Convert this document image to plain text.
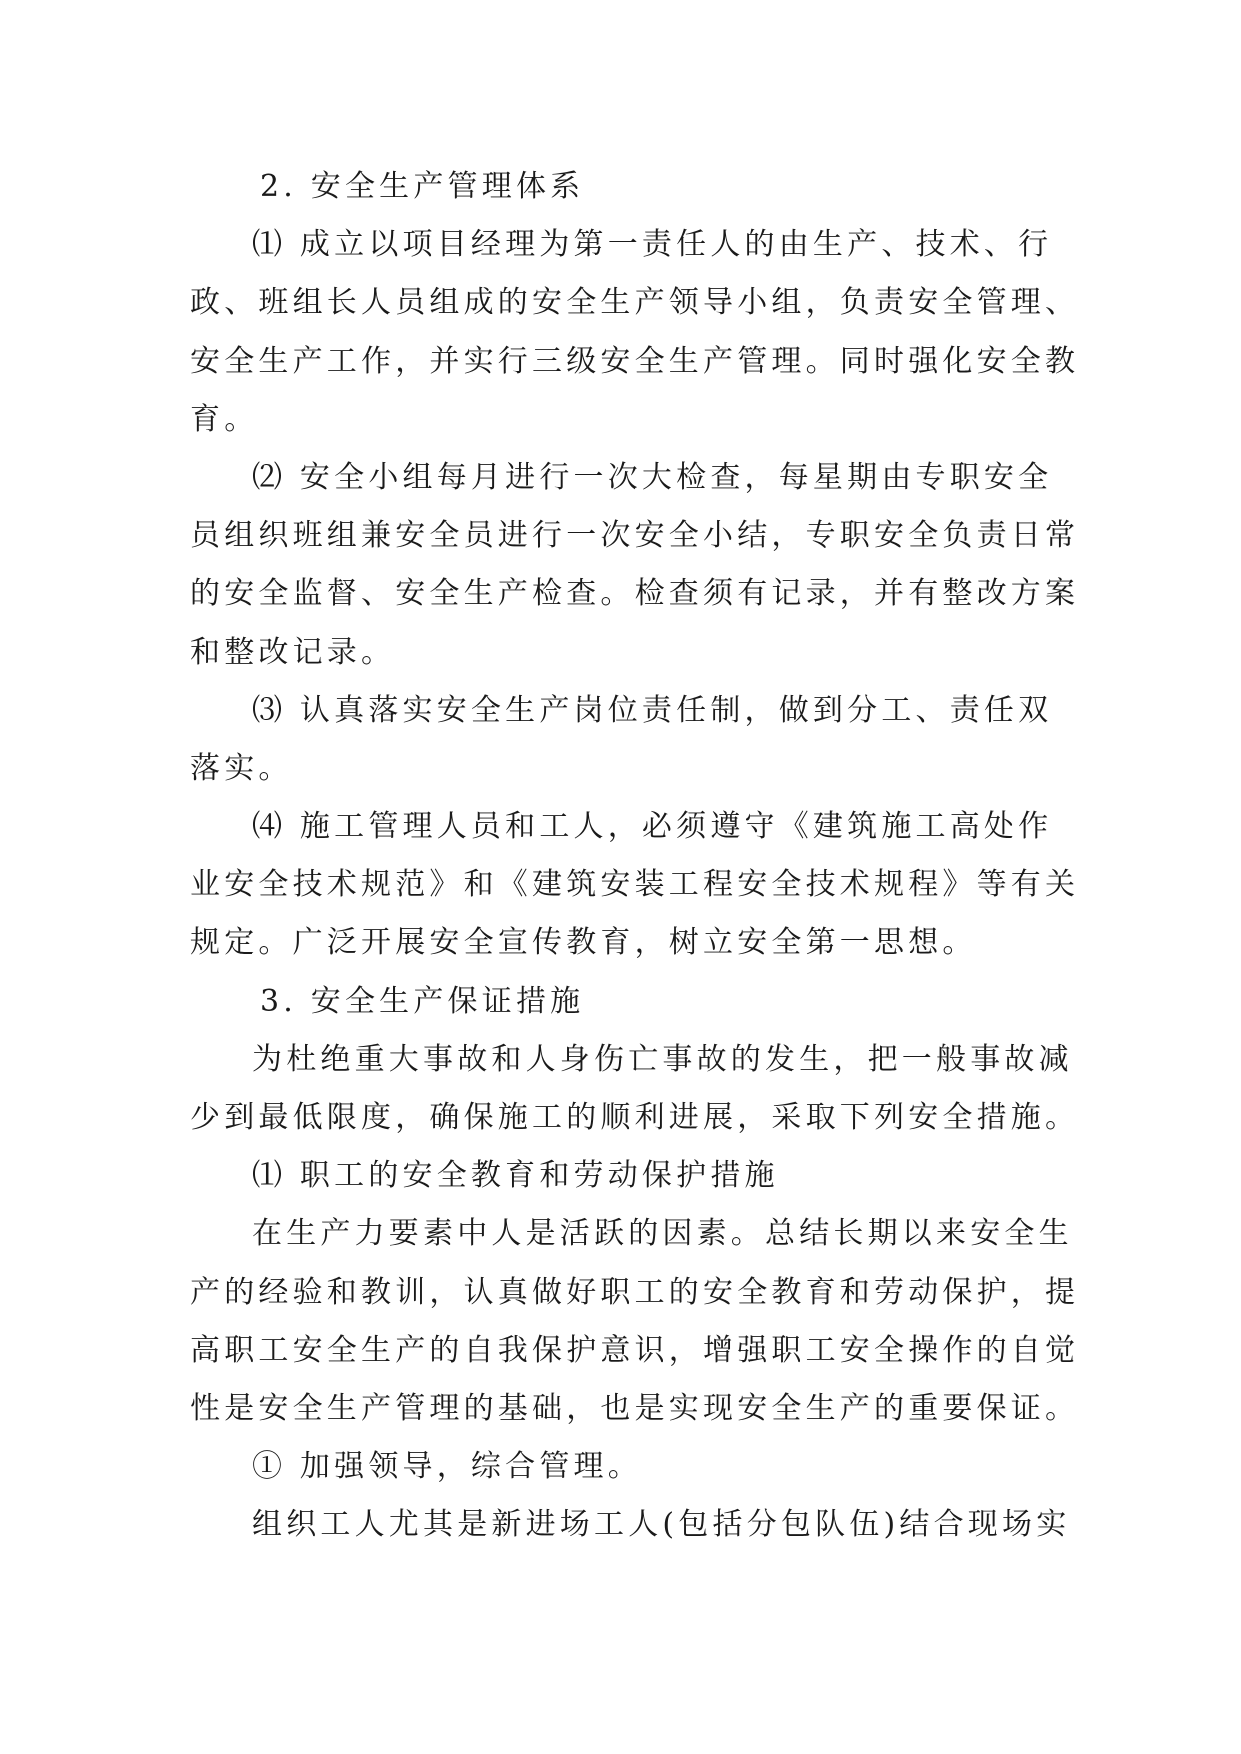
2. 安全生产管理体系
⑴ 成立以项目经理为第一责任人的由生产、技术、行
政、班组长人员组成的安全生产领导小组，负责安全管理、
安全生产工作，并实行三级安全生产管理。同时强化安全教
育。
⑵ 安全小组每月进行一次大检查，每星期由专职安全
员组织班组兼安全员进行一次安全小结，专职安全负责日常
的安全监督、安全生产检查。检查须有记录，并有整改方案
和整改记录。
⑶ 认真落实安全生产岗位责任制，做到分工、责任双
落实。
⑷ 施工管理人员和工人，必须遵守《建筑施工高处作
业安全技术规范》和《建筑安装工程安全技术规程》等有关
规定。广泛开展安全宣传教育，树立安全第一思想。
3. 安全生产保证措施
为杜绝重大事故和人身伤亡事故的发生，把一般事故减
少到最低限度，确保施工的顺利进展，采取下列安全措施。
⑴ 职工的安全教育和劳动保护措施
在生产力要素中人是活跃的因素。总结长期以来安全生
产的经验和教训，认真做好职工的安全教育和劳动保护，提
高职工安全生产的自我保护意识，增强职工安全操作的自觉
性是安全生产管理的基础，也是实现安全生产的重要保证。
① 加强领导，综合管理。
组织工人尤其是新进场工人(包括分包队伍)结合现场实
